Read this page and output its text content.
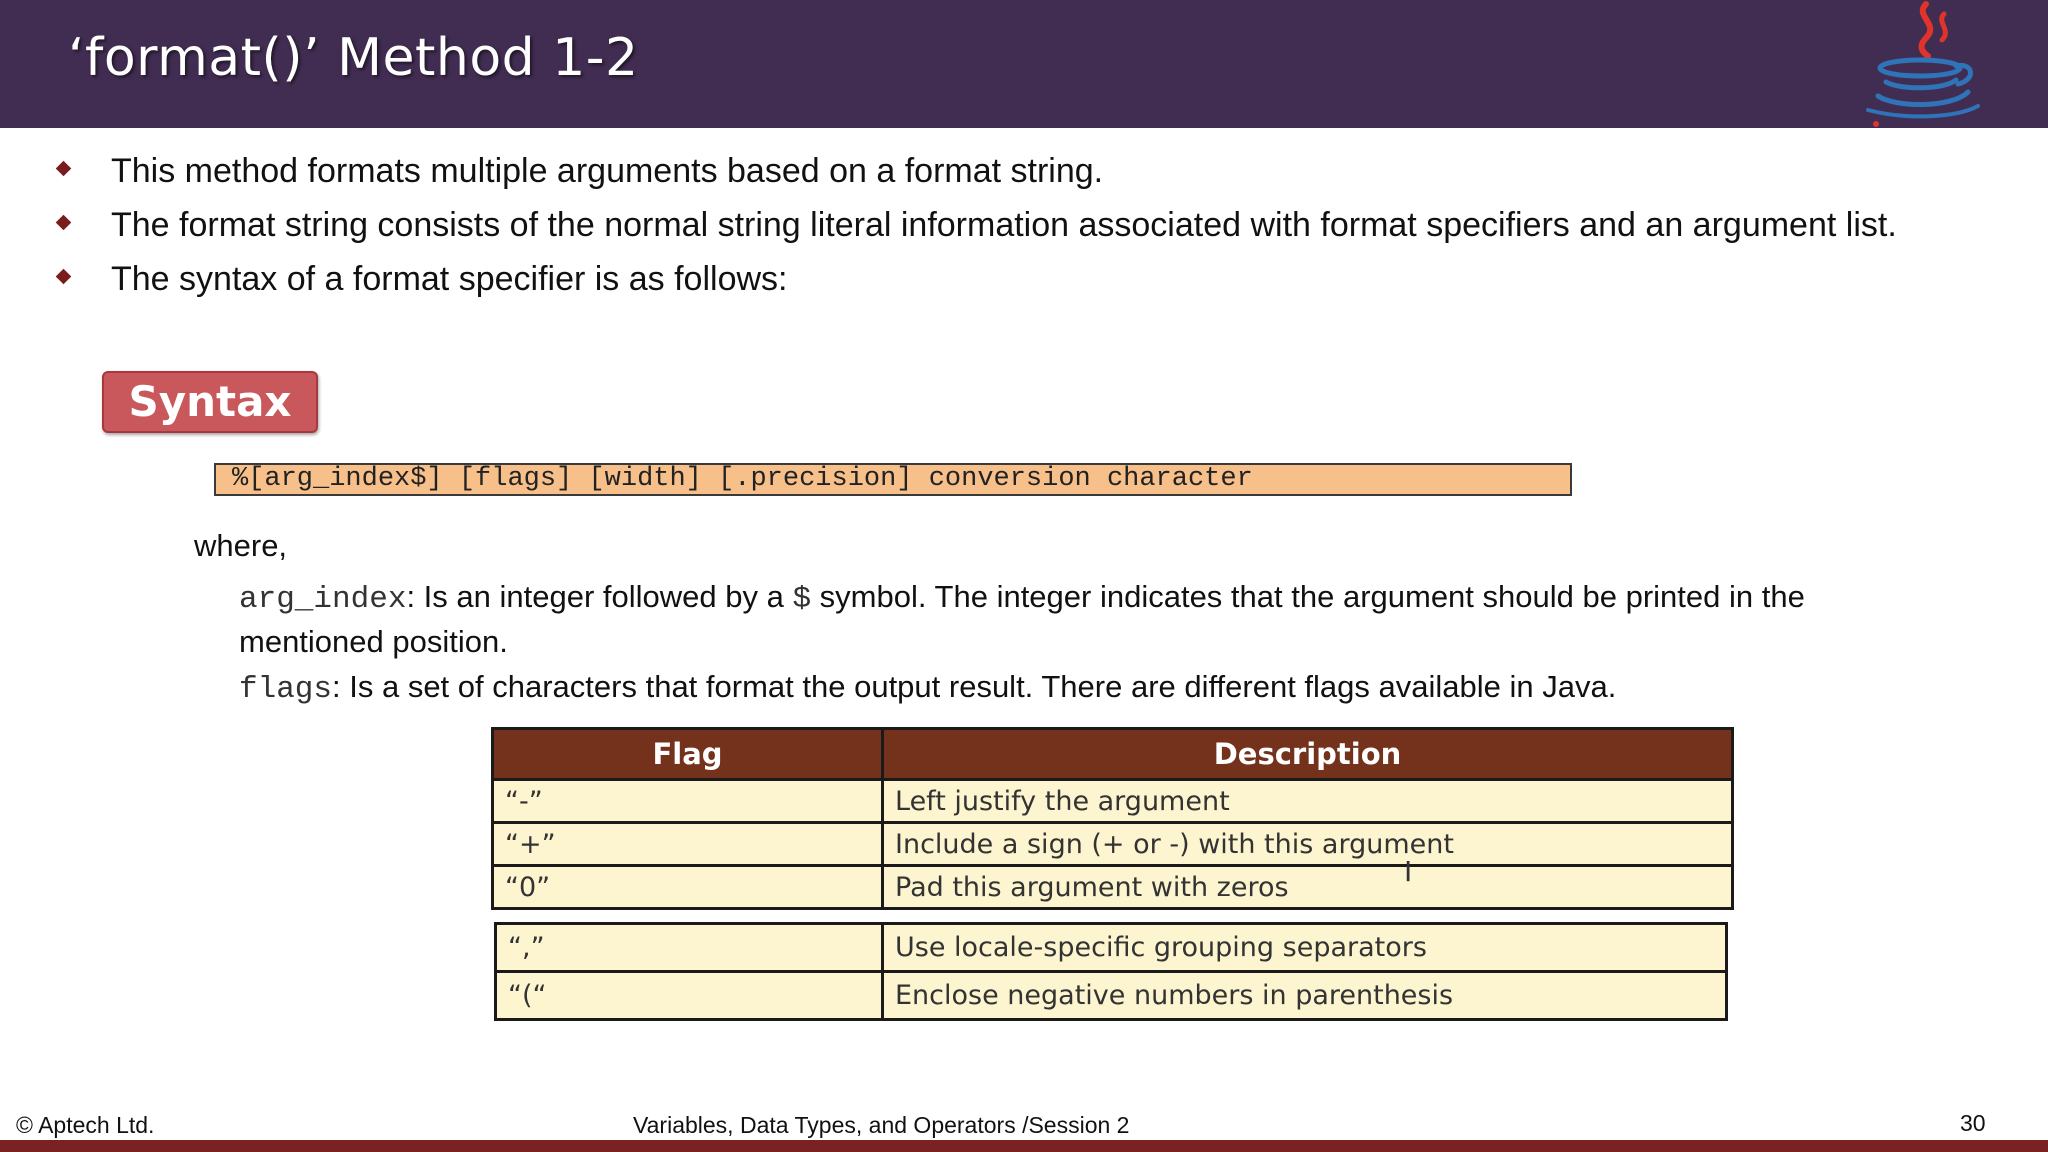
‘format()’ Method 1-2
This method formats multiple arguments based on a format string.
The format string consists of the normal string literal information associated with format specifiers and an argument list.
The syntax of a format specifier is as follows:
Syntax
%[arg_index$] [flags] [width] [.precision] conversion character
where,
arg_index: Is an integer followed by a $ symbol. The integer indicates that the argument should be printed in the mentioned position.
flags: Is a set of characters that format the output result. There are different flags available in Java.
Flag	Description
“-”	Left justify the argument
“+”	Include a sign (+ or -) with this argument
“0”	Pad this argument with zeros
“,”	Use locale-specific grouping separators
“(“	Enclose negative numbers in parenthesis
I
© Aptech Ltd.	Variables, Data Types, and Operators /Session 2	30
